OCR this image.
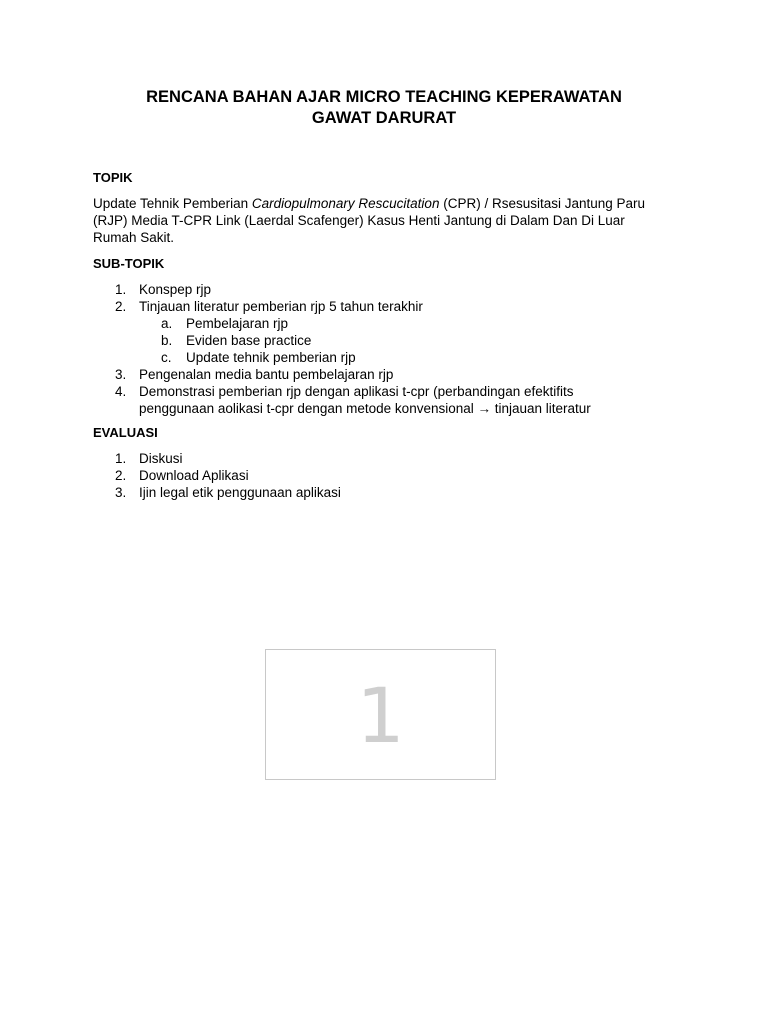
RENCANA BAHAN AJAR MICRO TEACHING KEPERAWATAN
GAWAT DARURAT
TOPIK
Update Tehnik Pemberian Cardiopulmonary Rescucitation (CPR) / Rsesusitasi Jantung Paru
(RJP) Media T-CPR Link (Laerdal Scafenger) Kasus Henti Jantung di Dalam Dan Di Luar
Rumah Sakit.
SUB-TOPIK
1. Konspep rjp
2. Tinjauan literatur pemberian rjp 5 tahun terakhir
a. Pembelajaran rjp
b. Eviden base practice
c. Update tehnik pemberian rjp
3. Pengenalan media bantu pembelajaran rjp
4. Demonstrasi pemberian rjp dengan aplikasi t-cpr (perbandingan efektifits
penggunaan aolikasi t-cpr dengan metode konvensional → tinjauan literatur
EVALUASI
1. Diskusi
2. Download Aplikasi
3. Ijin legal etik penggunaan aplikasi
1
